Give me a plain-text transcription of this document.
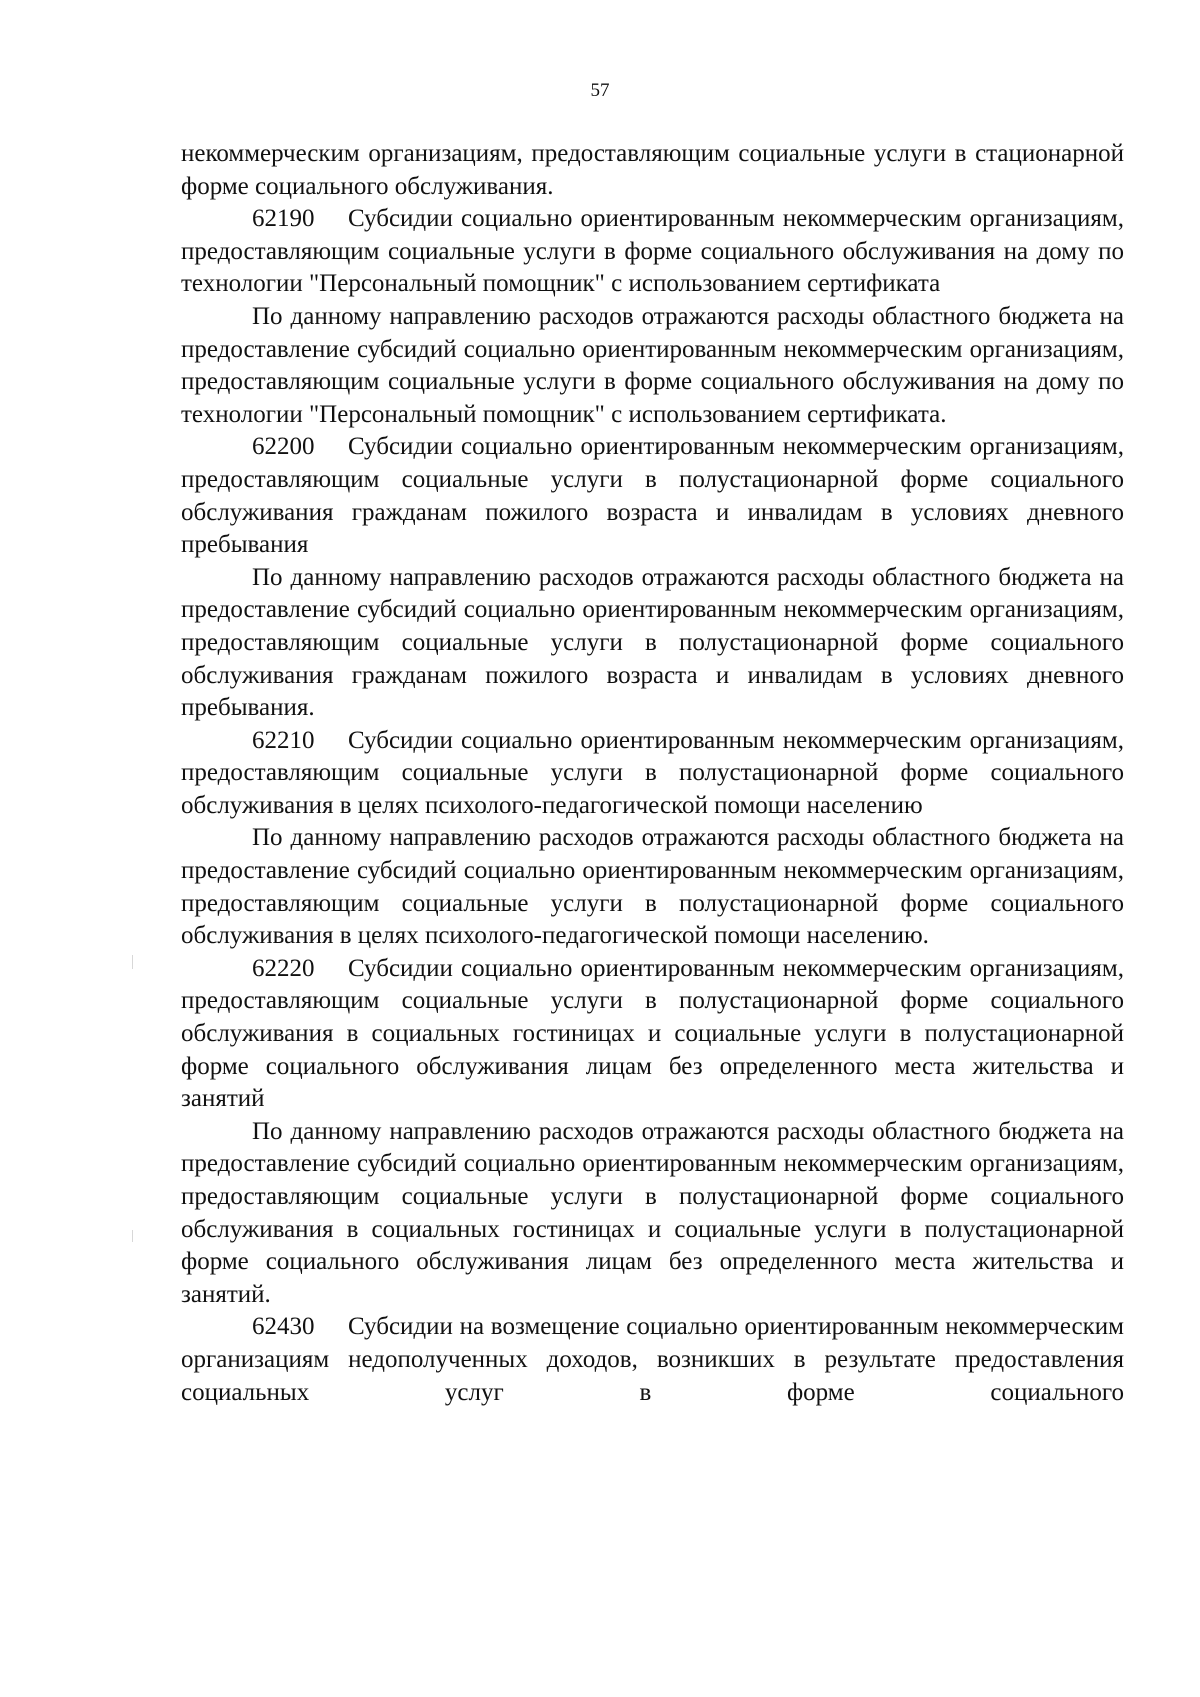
57

некоммерческим организациям, предоставляющим социальные услуги в стационарной форме социального обслуживания.

62190 Субсидии социально ориентированным некоммерческим организациям, предоставляющим социальные услуги в форме социального обслуживания на дому по технологии "Персональный помощник" с использованием сертификата

По данному направлению расходов отражаются расходы областного бюджета на предоставление субсидий социально ориентированным некоммерческим организациям, предоставляющим социальные услуги в форме социального обслуживания на дому по технологии "Персональный помощник" с использованием сертификата.

62200 Субсидии социально ориентированным некоммерческим организациям, предоставляющим социальные услуги в полустационарной форме социального обслуживания гражданам пожилого возраста и инвалидам в условиях дневного пребывания

По данному направлению расходов отражаются расходы областного бюджета на предоставление субсидий социально ориентированным некоммерческим организациям, предоставляющим социальные услуги в полустационарной форме социального обслуживания гражданам пожилого возраста и инвалидам в условиях дневного пребывания.

62210 Субсидии социально ориентированным некоммерческим организациям, предоставляющим социальные услуги в полустационарной форме социального обслуживания в целях психолого-педагогической помощи населению

По данному направлению расходов отражаются расходы областного бюджета на предоставление субсидий социально ориентированным некоммерческим организациям, предоставляющим социальные услуги в полустационарной форме социального обслуживания в целях психолого-педагогической помощи населению.

62220 Субсидии социально ориентированным некоммерческим организациям, предоставляющим социальные услуги в полустационарной форме социального обслуживания в социальных гостиницах и социальные услуги в полустационарной форме социального обслуживания лицам без определенного места жительства и занятий

По данному направлению расходов отражаются расходы областного бюджета на предоставление субсидий социально ориентированным некоммерческим организациям, предоставляющим социальные услуги в полустационарной форме социального обслуживания в социальных гостиницах и социальные услуги в полустационарной форме социального обслуживания лицам без определенного места жительства и занятий.

62430 Субсидии на возмещение социально ориентированным некоммерческим организациям недополученных доходов, возникших в результате предоставления социальных услуг в форме социального
